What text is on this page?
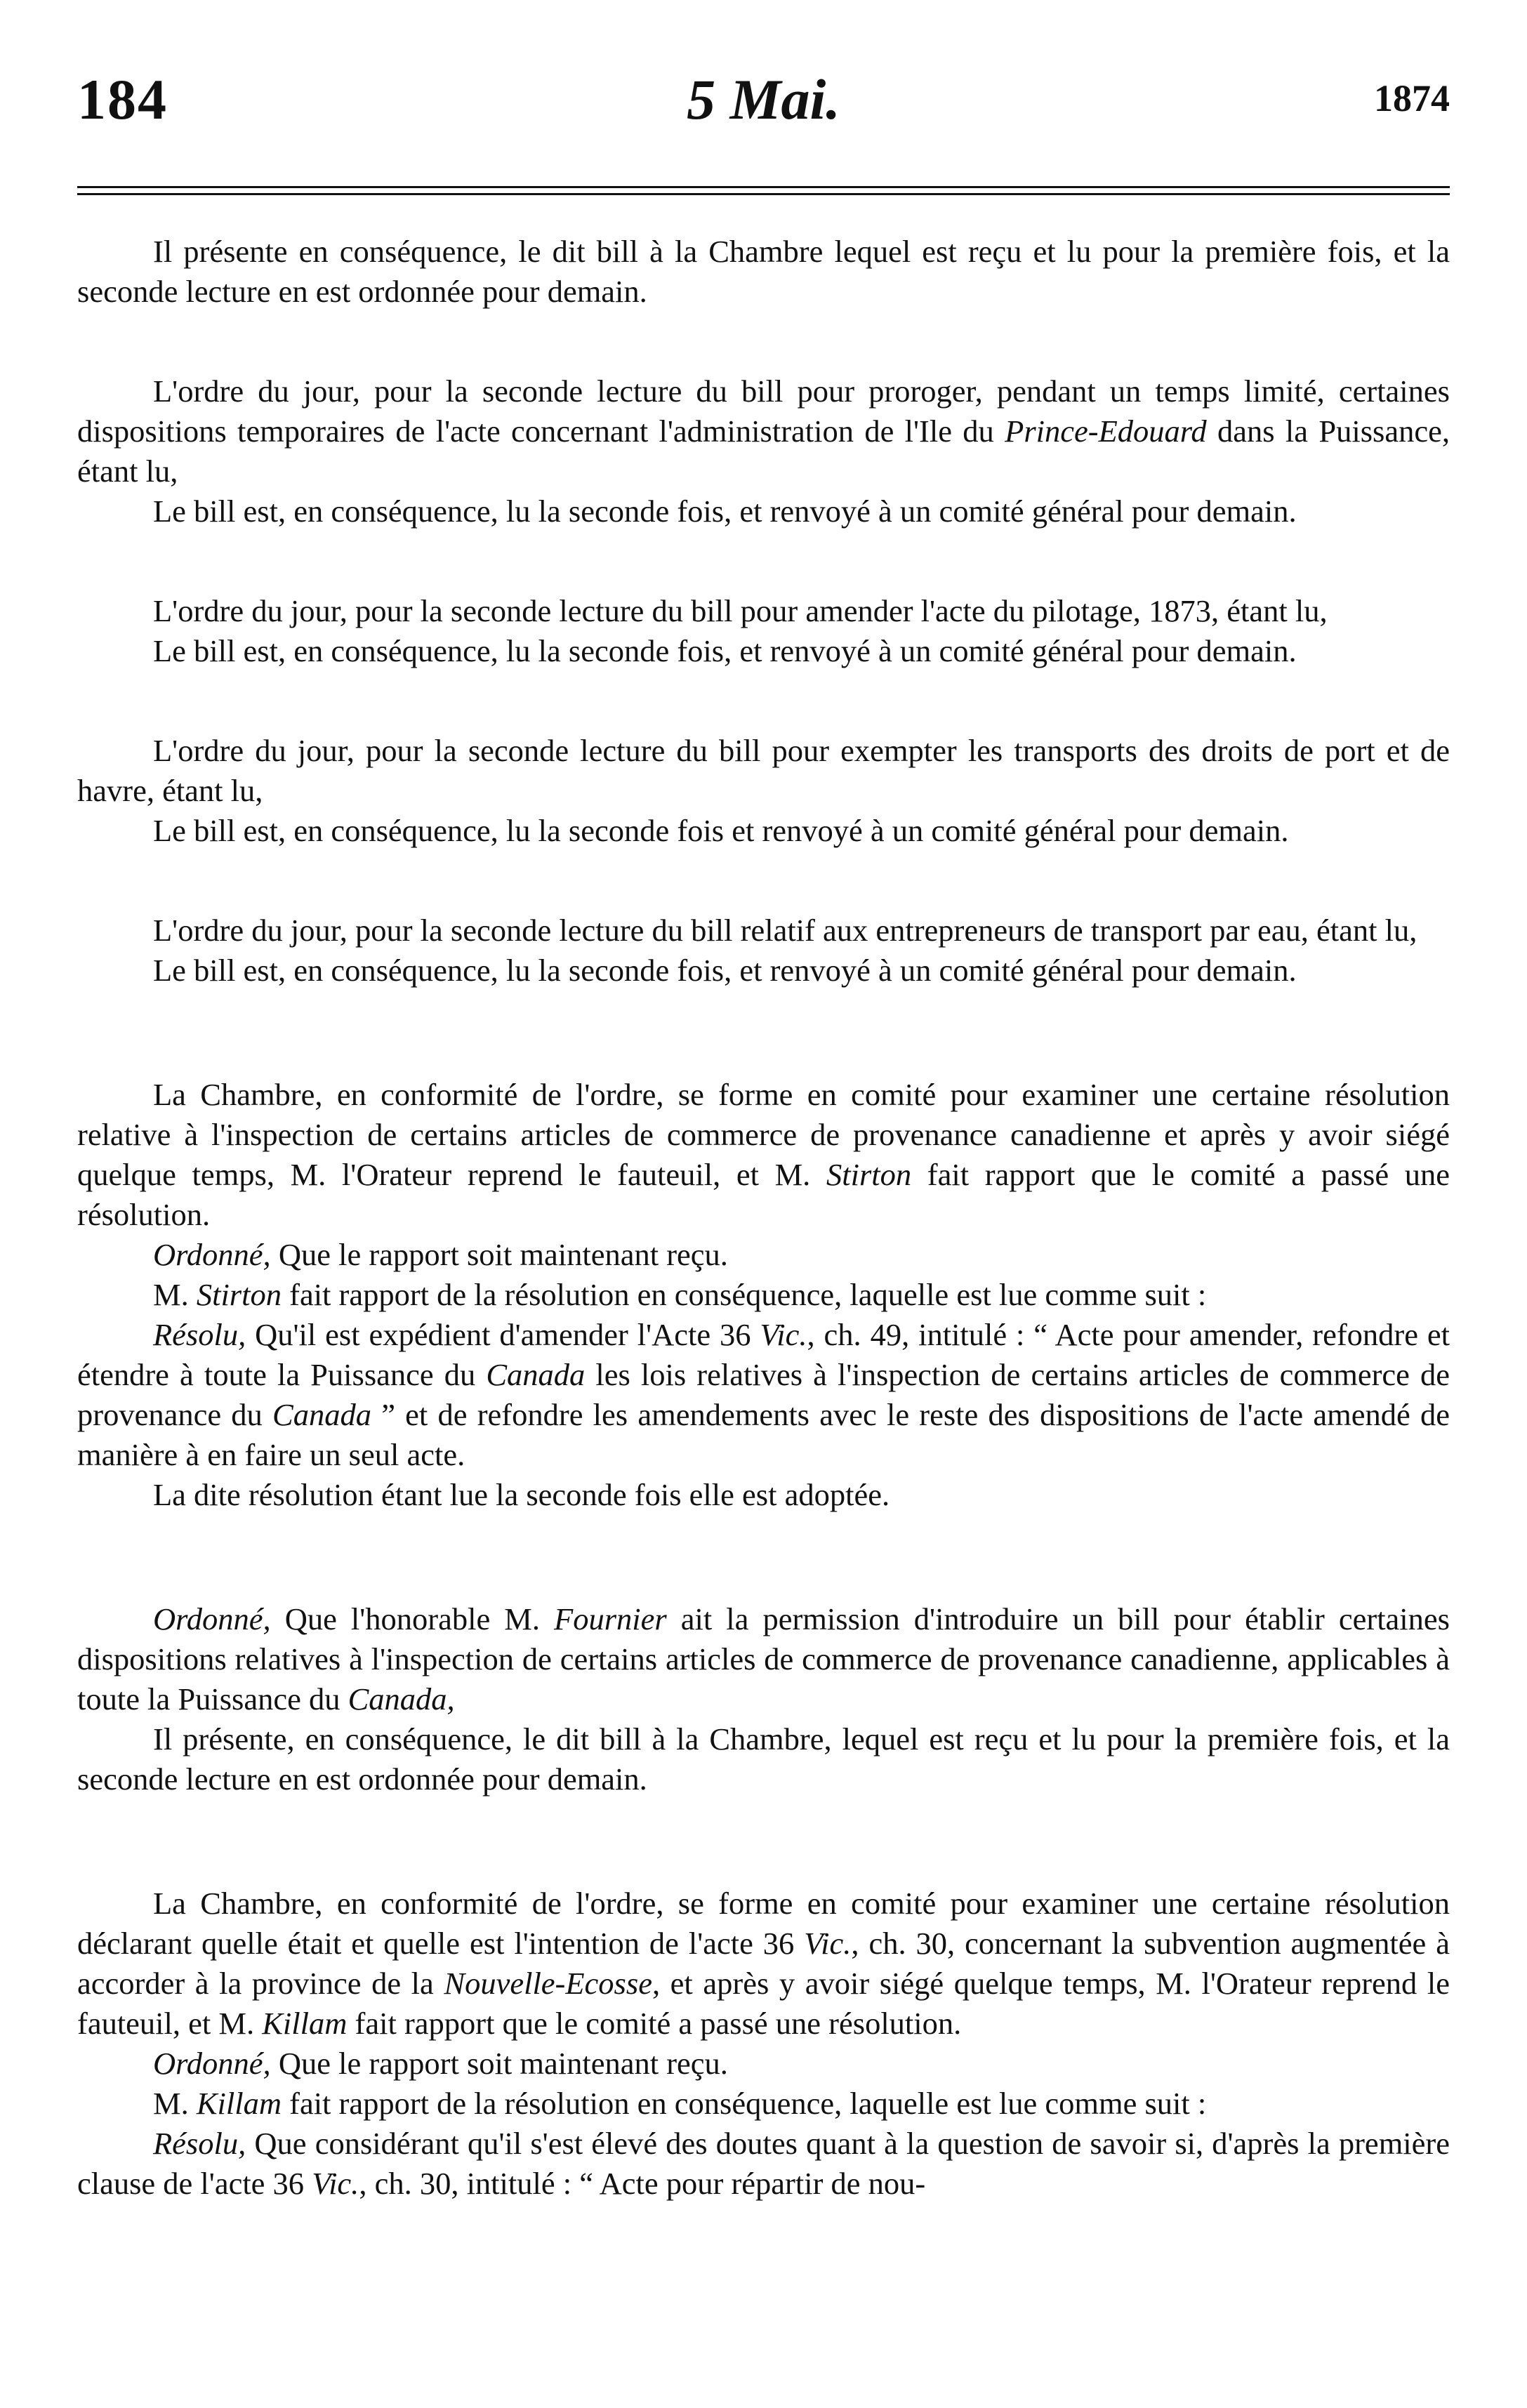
184	5 Mai.	1874

Il présente en conséquence, le dit bill à la Chambre lequel est reçu et lu pour la première fois, et la seconde lecture en est ordonnée pour demain.

L'ordre du jour, pour la seconde lecture du bill pour proroger, pendant un temps limité, certaines dispositions temporaires de l'acte concernant l'administration de l'Ile du Prince-Edouard dans la Puissance, étant lu,

Le bill est, en conséquence, lu la seconde fois, et renvoyé à un comité général pour demain.

L'ordre du jour, pour la seconde lecture du bill pour amender l'acte du pilotage, 1873, étant lu,

Le bill est, en conséquence, lu la seconde fois, et renvoyé à un comité général pour demain.

L'ordre du jour, pour la seconde lecture du bill pour exempter les transports des droits de port et de havre, étant lu,

Le bill est, en conséquence, lu la seconde fois et renvoyé à un comité général pour demain.

L'ordre du jour, pour la seconde lecture du bill relatif aux entrepreneurs de transport par eau, étant lu,

Le bill est, en conséquence, lu la seconde fois, et renvoyé à un comité général pour demain.

La Chambre, en conformité de l'ordre, se forme en comité pour examiner une certaine résolution relative à l'inspection de certains articles de commerce de provenance canadienne et après y avoir siégé quelque temps, M. l'Orateur reprend le fauteuil, et M. Stirton fait rapport que le comité a passé une résolution.

Ordonné, Que le rapport soit maintenant reçu.

M. Stirton fait rapport de la résolution en conséquence, laquelle est lue comme suit :

Résolu, Qu'il est expédient d'amender l'Acte 36 Vic., ch. 49, intitulé : “ Acte pour amender, refondre et étendre à toute la Puissance du Canada les lois relatives à l'inspection de certains articles de commerce de provenance du Canada ” et de refondre les amendements avec le reste des dispositions de l'acte amendé de manière à en faire un seul acte.

La dite résolution étant lue la seconde fois elle est adoptée.

Ordonné, Que l'honorable M. Fournier ait la permission d'introduire un bill pour établir certaines dispositions relatives à l'inspection de certains articles de commerce de provenance canadienne, applicables à toute la Puissance du Canada,

Il présente, en conséquence, le dit bill à la Chambre, lequel est reçu et lu pour la première fois, et la seconde lecture en est ordonnée pour demain.

La Chambre, en conformité de l'ordre, se forme en comité pour examiner une certaine résolution déclarant quelle était et quelle est l'intention de l'acte 36 Vic., ch. 30, concernant la subvention augmentée à accorder à la province de la Nouvelle-Ecosse, et après y avoir siégé quelque temps, M. l'Orateur reprend le fauteuil, et M. Killam fait rapport que le comité a passé une résolution.

Ordonné, Que le rapport soit maintenant reçu.

M. Killam fait rapport de la résolution en conséquence, laquelle est lue comme suit :

Résolu, Que considérant qu'il s'est élevé des doutes quant à la question de savoir si, d'après la première clause de l'acte 36 Vic., ch. 30, intitulé : “ Acte pour répartir de nou-
